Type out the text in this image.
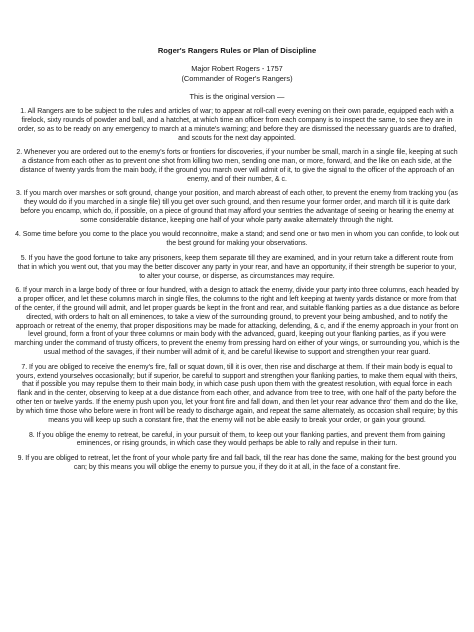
Roger's Rangers Rules or Plan of Discipline
Major Robert Rogers - 1757
(Commander of Roger's Rangers)
This is the original version —

1. All Rangers are to be subject to the rules and articles of war; to appear at roll-call every evening on their own parade, equipped each with a firelock, sixty rounds of powder and ball, and a hatchet, at which time an officer from each company is to inspect the same, to see they are in order, so as to be ready on any emergency to march at a minute's warning; and before they are dismissed the necessary guards are to drafted, and scouts for the next day appointed.

2. Whenever you are ordered out to the enemy's forts or frontiers for discoveries, if your number be small, march in a single file, keeping at such a distance from each other as to prevent one shot from killing two men, sending one man, or more, forward, and the like on each side, at the distance of twenty yards from the main body, if the ground you march over will admit of it, to give the signal to the officer of the approach of an enemy, and of their number, & c.

3. If you march over marshes or soft ground, change your position, and march abreast of each other, to prevent the enemy from tracking you (as they would do if you marched in a single file) till you get over such ground, and then resume your former order, and march till it is quite dark before you encamp, which do, if possible, on a piece of ground that may afford your sentries the advantage of seeing or hearing the enemy at some considerable distance, keeping one half of your whole party awake alternately through the night.

4. Some time before you come to the place you would reconnoitre, make a stand; and send one or two men in whom you can confide, to look out the best ground for making your observations.

5. If you have the good fortune to take any prisoners, keep them separate till they are examined, and in your return take a different route from that in which you went out, that you may the better discover any party in your rear, and have an opportunity, if their strength be superior to your, to alter your course, or disperse, as circumstances may require.

6. If your march in a large body of three or four hundred, with a design to attack the enemy, divide your party into three columns, each headed by a proper officer, and let these columns march in single files, the columns to the right and left keeping at twenty yards distance or more from that of the center, if the ground will admit, and let proper guards be kept in the front and rear, and suitable flanking parties as a due distance as before directed, with orders to halt on all eminences, to take a view of the surrounding ground, to prevent your being ambushed, and to notify the approach or retreat of the enemy, that proper dispositions may be made for attacking, defending, & c, and if the enemy approach in your front on level ground, form a front of your three columns or main body with the advanced, guard, keeping out your flanking parties, as if you were marching under the command of trusty officers, to prevent the enemy from pressing hard on either of your wings, or surrounding you, which is the usual method of the savages, if their number will admit of it, and be careful likewise to support and strengthen your rear guard.

7. If you are obliged to receive the enemy's fire, fall or squat down, till it is over, then rise and discharge at them. If their main body is equal to yours, extend yourselves occasionally; but if superior, be careful to support and strengthen your flanking parties, to make them equal with theirs, that if possible you may repulse them to their main body, in which case push upon them with the greatest resolution, with equal force in each flank and in the center, observing to keep at a due distance from each other, and advance from tree to tree, with one half of the party before the other ten or twelve yards. If the enemy push upon you, let your front fire and fall down, and then let your rear advance thro' them and do the like, by which time those who before were in front will be ready to discharge again, and repeat the same alternately, as occasion shall require; by this means you will keep up such a constant fire, that the enemy will not be able easily to break your order, or gain your ground.

8. If you oblige the enemy to retreat, be careful, in your pursuit of them, to keep out your flanking parties, and prevent them from gaining eminences, or rising grounds, in which case they would perhaps be able to rally and repulse in their turn.

9. If you are obliged to retreat, let the front of your whole party fire and fall back, till the rear has done the same, making for the best ground you can; by this means you will oblige the enemy to pursue you, if they do it at all, in the face of a constant fire.
